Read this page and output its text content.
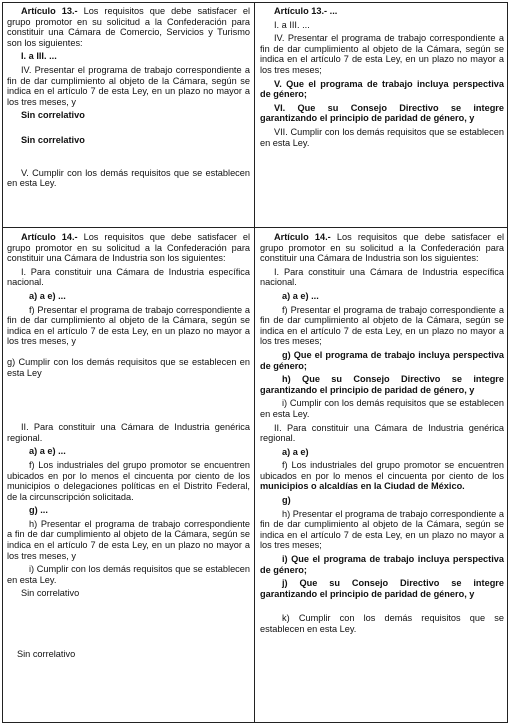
Artículo 13.- Los requisitos que debe satisfacer el grupo promotor en su solicitud a la Confederación para constituir una Cámara de Comercio, Servicios y Turismo son los siguientes:

I. a III. ...

IV. Presentar el programa de trabajo correspondiente a fin de dar cumplimiento al objeto de la Cámara, según se indica en el artículo 7 de esta Ley, en un plazo no mayor a los tres meses, y

Sin correlativo

Sin correlativo

V. Cumplir con los demás requisitos que se establecen en esta Ley.

Artículo 13.- ...

I. a III. ...

IV. Presentar el programa de trabajo correspondiente a fin de dar cumplimiento al objeto de la Cámara, según se indica en el artículo 7 de esta Ley, en un plazo no mayor a los tres meses;

V. Que el programa de trabajo incluya perspectiva de género;

VI. Que su Consejo Directivo se integre garantizando el principio de paridad de género, y

VII. Cumplir con los demás requisitos que se establecen en esta Ley.

Artículo 14.- Los requisitos que debe satisfacer el grupo promotor en su solicitud a la Confederación para constituir una Cámara de Industria son los siguientes:

I. Para constituir una Cámara de Industria específica nacional.

a) a e) ...

f) Presentar el programa de trabajo correspondiente a fin de dar cumplimiento al objeto de la Cámara, según se indica en el artículo 7 de esta Ley, en un plazo no mayor a los tres meses, y

g) Cumplir con los demás requisitos que se establecen en esta Ley

II. Para constituir una Cámara de Industria genérica regional.

a) a e) ...

f) Los industriales del grupo promotor se encuentren ubicados en por lo menos el cincuenta por ciento de los municipios o delegaciones políticas en el Distrito Federal, de la circunscripción solicitada.

g) ...

h) Presentar el programa de trabajo correspondiente a fin de dar cumplimiento al objeto de la Cámara, según se indica en el artículo 7 de esta Ley, en un plazo no mayor a los tres meses, y

i) Cumplir con los demás requisitos que se establecen en esta Ley.

Sin correlativo

Sin correlativo

Artículo 14.- Los requisitos que debe satisfacer el grupo promotor en su solicitud a la Confederación para constituir una Cámara de Industria son los siguientes:

I. Para constituir una Cámara de Industria específica nacional.

a) a e) ...

f) Presentar el programa de trabajo correspondiente a fin de dar cumplimiento al objeto de la Cámara, según se indica en el artículo 7 de esta Ley, en un plazo no mayor a los tres meses;

g) Que el programa de trabajo incluya perspectiva de género;

h) Que su Consejo Directivo se integre garantizando el principio de paridad de género, y

i) Cumplir con los demás requisitos que se establecen en esta Ley.

II. Para constituir una Cámara de Industria genérica regional.

a) a e)

f) Los industriales del grupo promotor se encuentren ubicados en por lo menos el cincuenta por ciento de los municipios o alcaldías en la Ciudad de México.

g)

h) Presentar el programa de trabajo correspondiente a fin de dar cumplimiento al objeto de la Cámara, según se indica en el artículo 7 de esta Ley, en un plazo no mayor a los tres meses;

i) Que el programa de trabajo incluya perspectiva de género;

j) Que su Consejo Directivo se integre garantizando el principio de paridad de género, y

k) Cumplir con los demás requisitos que se establecen en esta Ley.
